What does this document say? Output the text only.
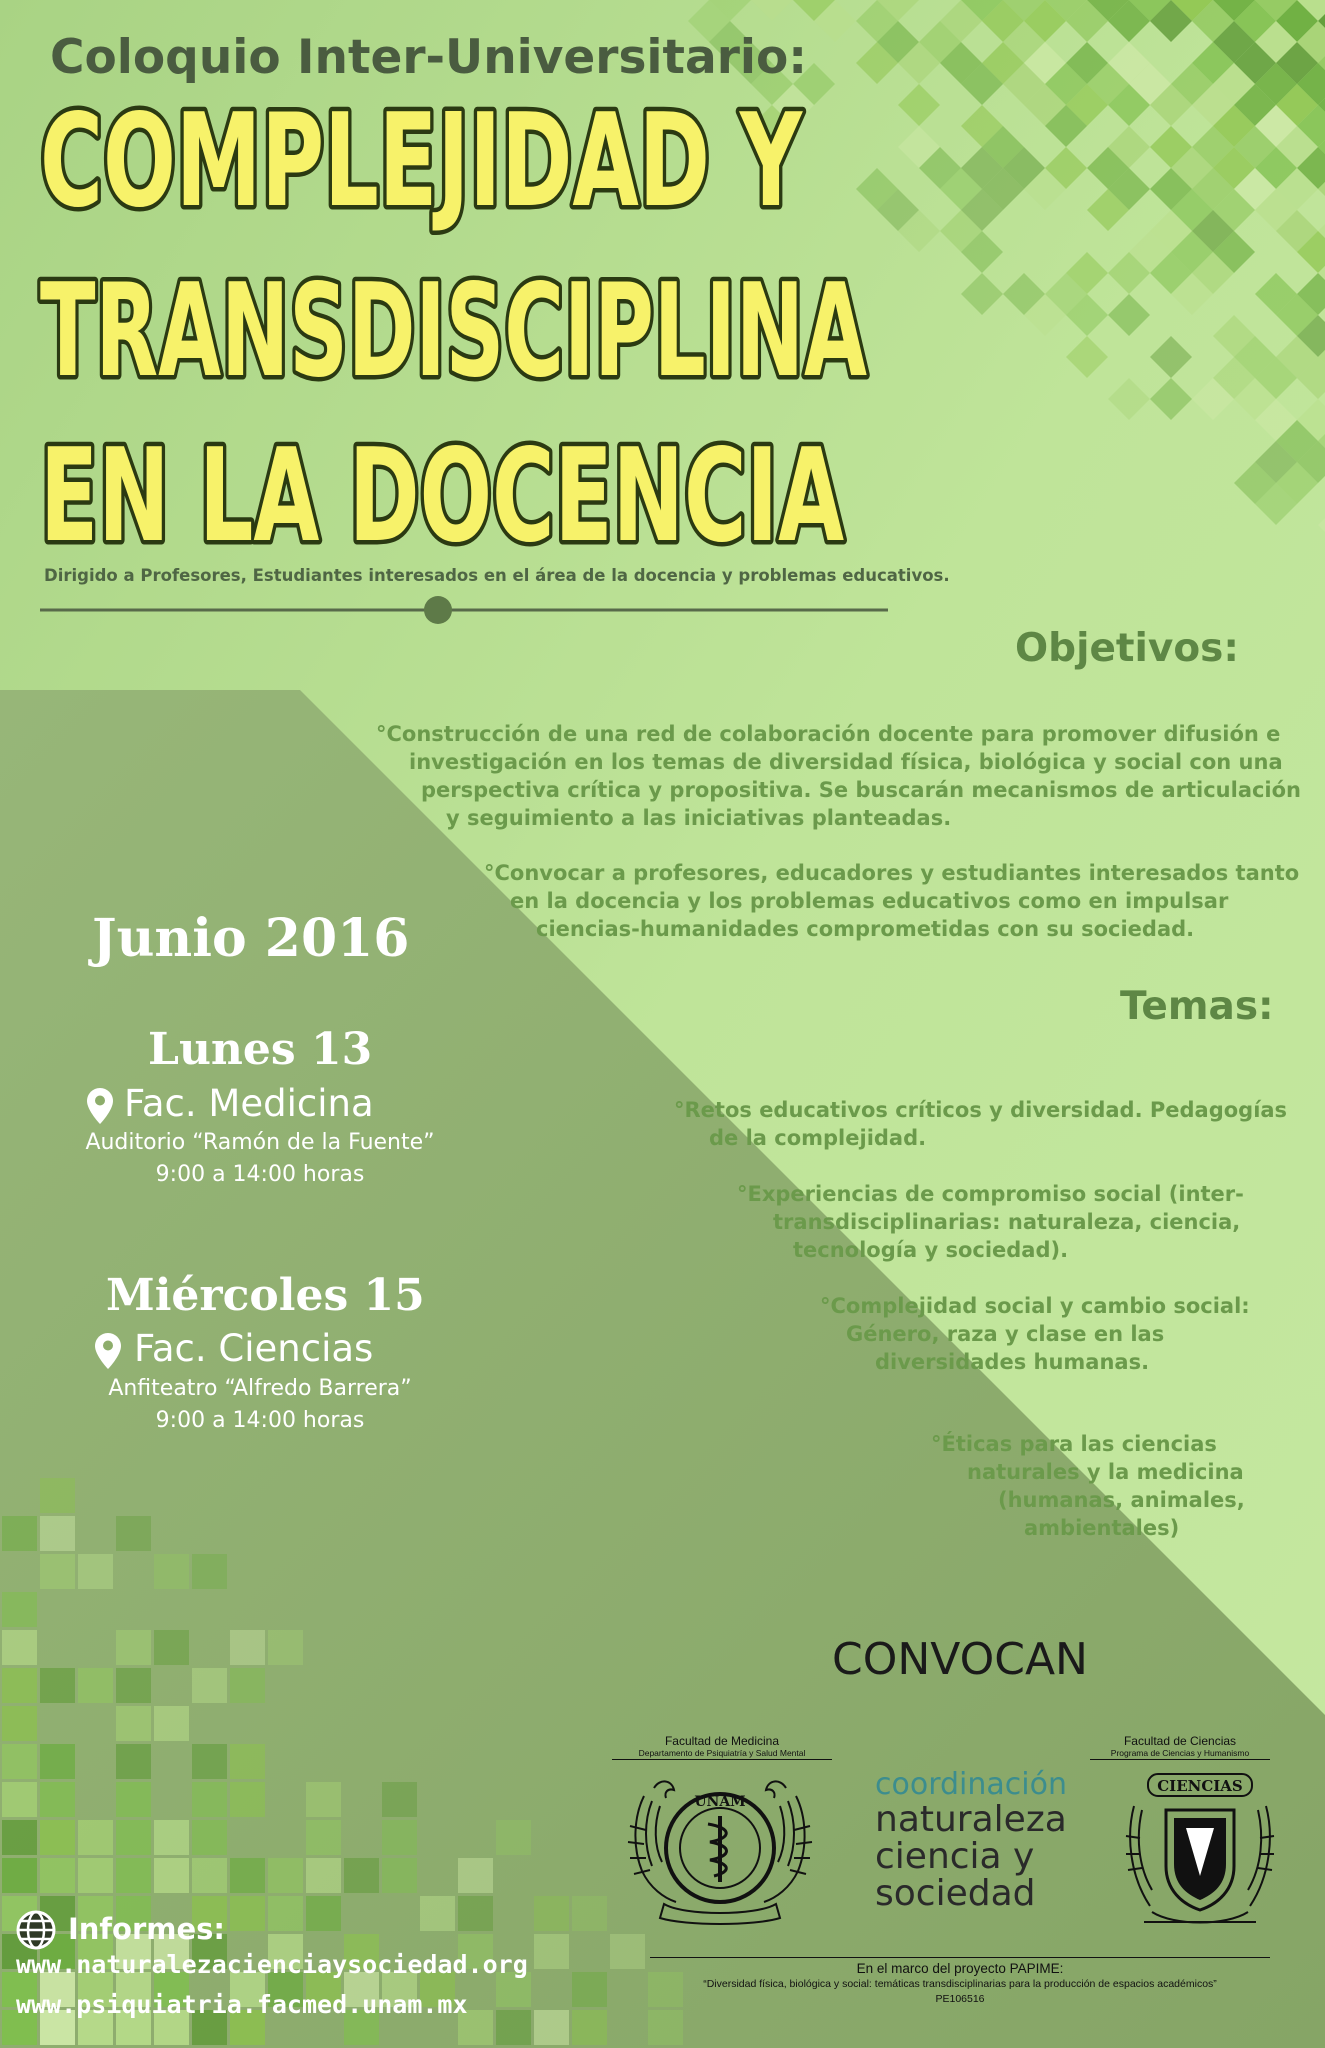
Coloquio Inter-Universitario:
COMPLEJIDAD Y
TRANSDISCIPLINA
EN LA DOCENCIA
Dirigido a Profesores, Estudiantes interesados en el área de la docencia y problemas educativos.
Objetivos:
°Construcción de una red de colaboración docente para promover difusión e
investigación en los temas de diversidad física, biológica y social con una
perspectiva crítica y propositiva. Se buscarán mecanismos de articulación
y seguimiento a las iniciativas planteadas.
°Convocar a profesores, educadores y estudiantes interesados tanto
en la docencia y los problemas educativos como en impulsar
ciencias-humanidades comprometidas con su sociedad.
Junio 2016
Lunes 13
Fac. Medicina
Auditorio “Ramón de la Fuente”
9:00 a 14:00 horas
Miércoles 15
Fac. Ciencias
Anfiteatro “Alfredo Barrera”
9:00 a 14:00 horas
Temas:
°Retos educativos críticos y diversidad. Pedagogías
de la complejidad.
°Experiencias de compromiso social (inter-
transdisciplinarias: naturaleza, ciencia,
tecnología y sociedad).
°Complejidad social y cambio social:
Género, raza y clase en las
diversidades humanas.
°Éticas para las ciencias
naturales y la medicina
(humanas, animales,
ambientales)
CONVOCAN
Facultad de Medicina
Departamento de Psiquiatría y Salud Mental
UNAM	coordinación
naturaleza
ciencia y
sociedad
Facultad de Ciencias
Programa de Ciencias y Humanismo
CIENCIAS
En el marco del proyecto PAPIME:
“Diversidad física, biológica y social: temáticas transdisciplinarias para la producción de espacios académicos”
PE106516
Informes:
www.naturalezacienciaysociedad.org
www.psiquiatria.facmed.unam.mx
